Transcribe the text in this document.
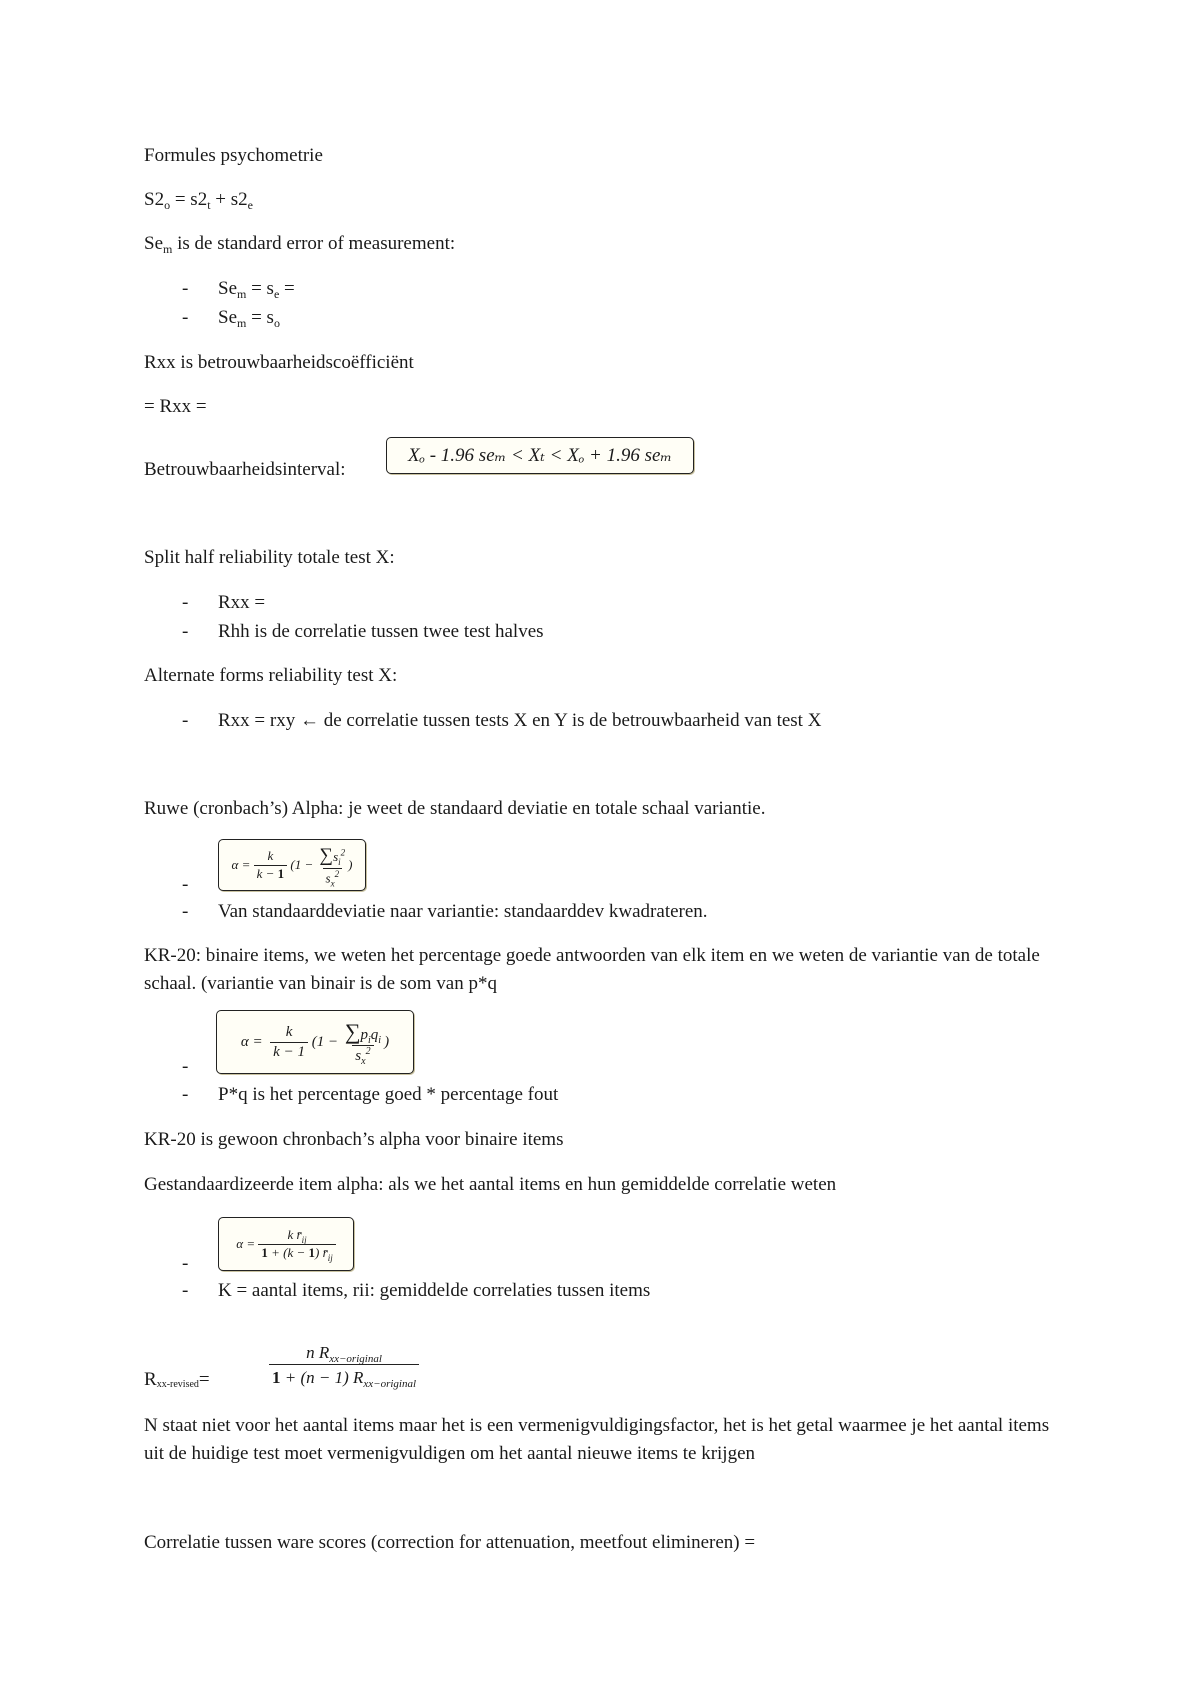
Formules psychometrie

$S2_o = s2_t + s2_e$

$Se_m$ is de standard error of measurement:

- $Se_m = s_e$ =

- $Se_m = s_o$

Rxx is betrouwbaarheidscoëfficiënt

= Rxx =

Betrouwbaarheidsinterval:

Xₒ - 1.96 seₘ < Xₜ < Xₒ + 1.96 seₘ

Split half reliability totale test X:

- Rxx =

- Rhh is de correlatie tussen twee test halves

Alternate forms reliability test X:

- Rxx = rxy ← de correlatie tussen tests X en Y is de betrouwbaarheid van test X

Ruwe (cronbach’s) Alpha: je weet de standaard deviatie en totale schaal variantie.

-

$\alpha = \frac{k}{k - 1} (1 - \frac{\sum s_i^2}{s_x^2}$ )

- Van standaarddeviatie naar variantie: standaarddev kwadrateren.

KR-20: binaire items, we weten het percentage goede antwoorden van elk item en we weten de variantie van de totale schaal. (variantie van binair is de som van p*q

-

$\alpha = \frac{k}{k - 1} (1 - \frac{\sum p_iq_i}{s_x^2}$ )

- P*q is het percentage goed * percentage fout

KR-20 is gewoon chronbach’s alpha voor binaire items

Gestandaardizeerde item alpha: als we het aantal items en hun gemiddelde correlatie weten

-

$\alpha = \frac{k r̄_{ij}}{1 + (k - 1) r̄_{ij}}$

- K = aantal items, rii: gemiddelde correlaties tussen items

$R_{xx-revised}=$	$\frac{n R_{xx-original}}{1 + (n - 1) R_{xx-original}}$

N staat niet voor het aantal items maar het is een vermenigvuldigingsfactor, het is het getal waarmee je het aantal items uit de huidige test moet vermenigvuldigen om het aantal nieuwe items te krijgen

Correlatie tussen ware scores (correction for attenuation, meetfout elimineren) =
